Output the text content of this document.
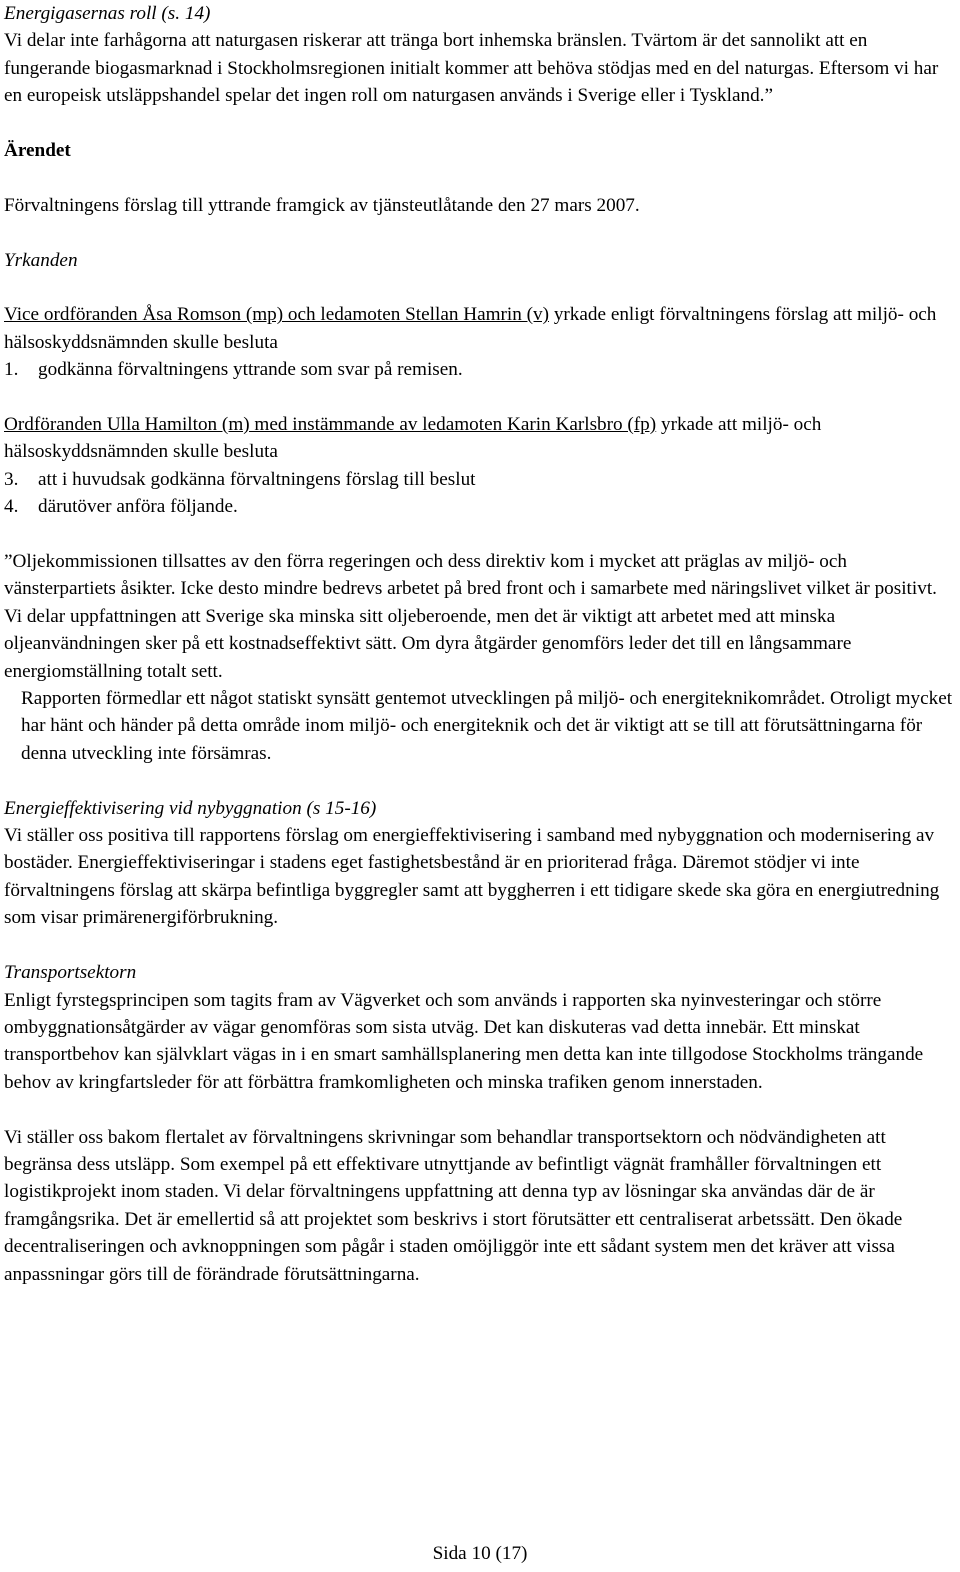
Energigasernas roll (s. 14)

Vi delar inte farhågorna att naturgasen riskerar att tränga bort inhemska bränslen. Tvärtom är det sannolikt att en fungerande biogasmarknad i Stockholmsregionen initialt kommer att behöva stödjas med en del naturgas. Eftersom vi har en europeisk utsläppshandel spelar det ingen roll om naturgasen används i Sverige eller i Tyskland.”

Ärendet

Förvaltningens förslag till yttrande framgick av tjänsteutlåtande den 27 mars 2007.

Yrkanden

Vice ordföranden Åsa Romson (mp) och ledamoten Stellan Hamrin (v) yrkade enligt förvaltningens förslag att miljö- och hälsoskyddsnämnden skulle besluta

1. godkänna förvaltningens yttrande som svar på remisen.

Ordföranden Ulla Hamilton (m) med instämmande av ledamoten Karin Karlsbro (fp) yrkade att miljö- och hälsoskyddsnämnden skulle besluta

3. att i huvudsak godkänna förvaltningens förslag till beslut

4. därutöver anföra följande.

”Oljekommissionen tillsattes av den förra regeringen och dess direktiv kom i mycket att präglas av miljö- och vänsterpartiets åsikter. Icke desto mindre bedrevs arbetet på bred front och i samarbete med näringslivet vilket är positivt. Vi delar uppfattningen att Sverige ska minska sitt oljeberoende, men det är viktigt att arbetet med att minska oljeanvändningen sker på ett kostnadseffektivt sätt. Om dyra åtgärder genomförs leder det till en långsammare energiomställning totalt sett.

Rapporten förmedlar ett något statiskt synsätt gentemot utvecklingen på miljö- och energiteknikområdet. Otroligt mycket har hänt och händer på detta område inom miljö- och energiteknik och det är viktigt att se till att förutsättningarna för denna utveckling inte försämras.

Energieffektivisering vid nybyggnation (s 15-16)

Vi ställer oss positiva till rapportens förslag om energieffektivisering i samband med nybyggnation och modernisering av bostäder. Energieffektiviseringar i stadens eget fastighetsbestånd är en prioriterad fråga. Däremot stödjer vi inte förvaltningens förslag att skärpa befintliga byggregler samt att byggherren i ett tidigare skede ska göra en energiutredning som visar primärenergiförbrukning.

Transportsektorn

Enligt fyrstegsprincipen som tagits fram av Vägverket och som används i rapporten ska nyinvesteringar och större ombyggnationsåtgärder av vägar genomföras som sista utväg. Det kan diskuteras vad detta innebär. Ett minskat transportbehov kan självklart vägas in i en smart samhällsplanering men detta kan inte tillgodose Stockholms trängande behov av kringfartsleder för att förbättra framkomligheten och minska trafiken genom innerstaden.

Vi ställer oss bakom flertalet av förvaltningens skrivningar som behandlar transportsektorn och nödvändigheten att begränsa dess utsläpp. Som exempel på ett effektivare utnyttjande av befintligt vägnät framhåller förvaltningen ett logistikprojekt inom staden. Vi delar förvaltningens uppfattning att denna typ av lösningar ska användas där de är framgångsrika. Det är emellertid så att projektet som beskrivs i stort förutsätter ett centraliserat arbetssätt. Den ökade decentraliseringen och avknoppningen som pågår i staden omöjliggör inte ett sådant system men det kräver att vissa anpassningar görs till de förändrade förutsättningarna.

Sida 10 (17)
